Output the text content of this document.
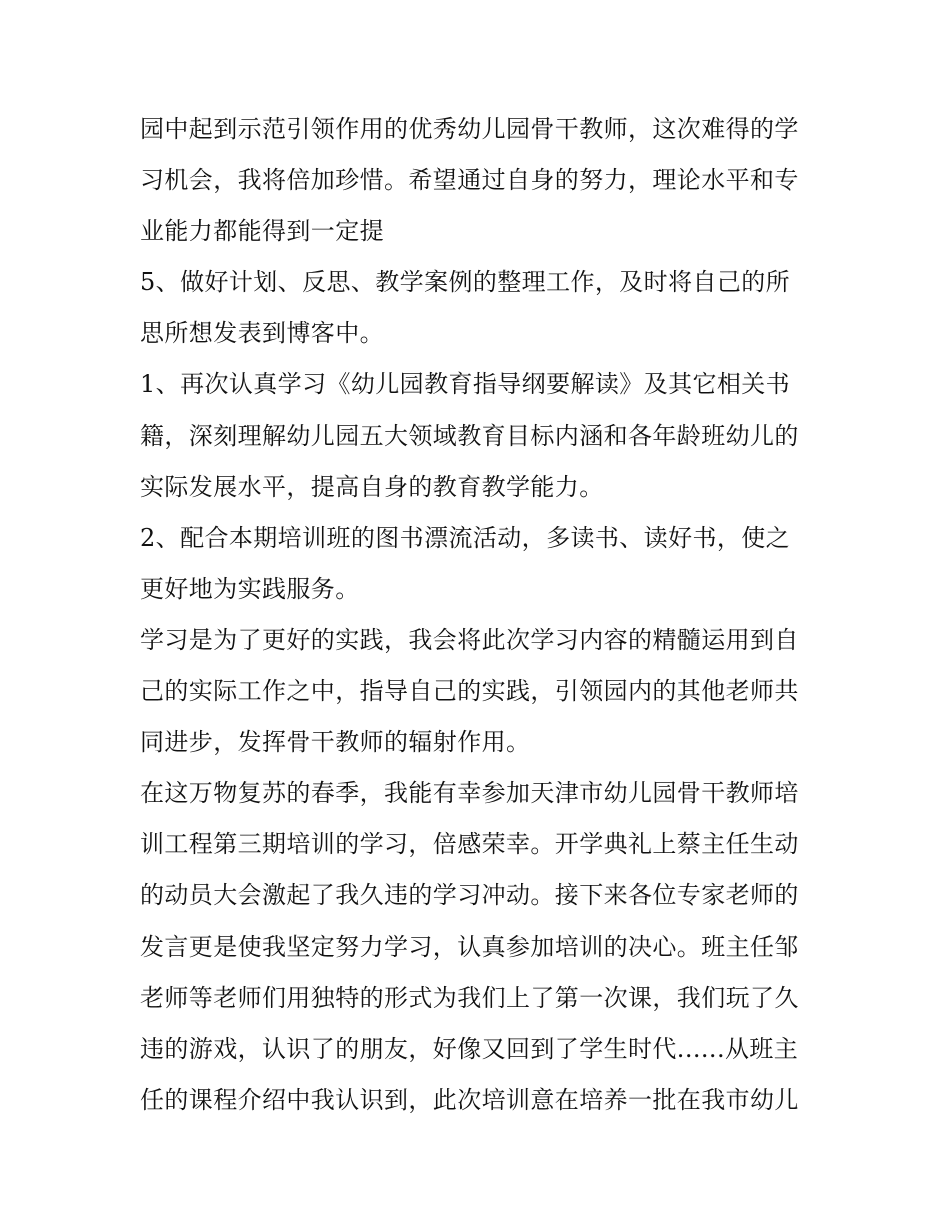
园中起到示范引领作用的优秀幼儿园骨干教师，这次难得的学
习机会，我将倍加珍惜。希望通过自身的努力，理论水平和专
业能力都能得到一定提
5、做好计划、反思、教学案例的整理工作，及时将自己的所
思所想发表到博客中。
1、再次认真学习《幼儿园教育指导纲要解读》及其它相关书
籍，深刻理解幼儿园五大领域教育目标内涵和各年龄班幼儿的
实际发展水平，提高自身的教育教学能力。
2、配合本期培训班的图书漂流活动，多读书、读好书，使之
更好地为实践服务。
学习是为了更好的实践，我会将此次学习内容的精髓运用到自
己的实际工作之中，指导自己的实践，引领园内的其他老师共
同进步，发挥骨干教师的辐射作用。
在这万物复苏的春季，我能有幸参加天津市幼儿园骨干教师培
训工程第三期培训的学习，倍感荣幸。开学典礼上蔡主任生动
的动员大会激起了我久违的学习冲动。接下来各位专家老师的
发言更是使我坚定努力学习，认真参加培训的决心。班主任邹
老师等老师们用独特的形式为我们上了第一次课，我们玩了久
违的游戏，认识了的朋友，好像又回到了学生时代......从班主
任的课程介绍中我认识到，此次培训意在培养一批在我市幼儿
